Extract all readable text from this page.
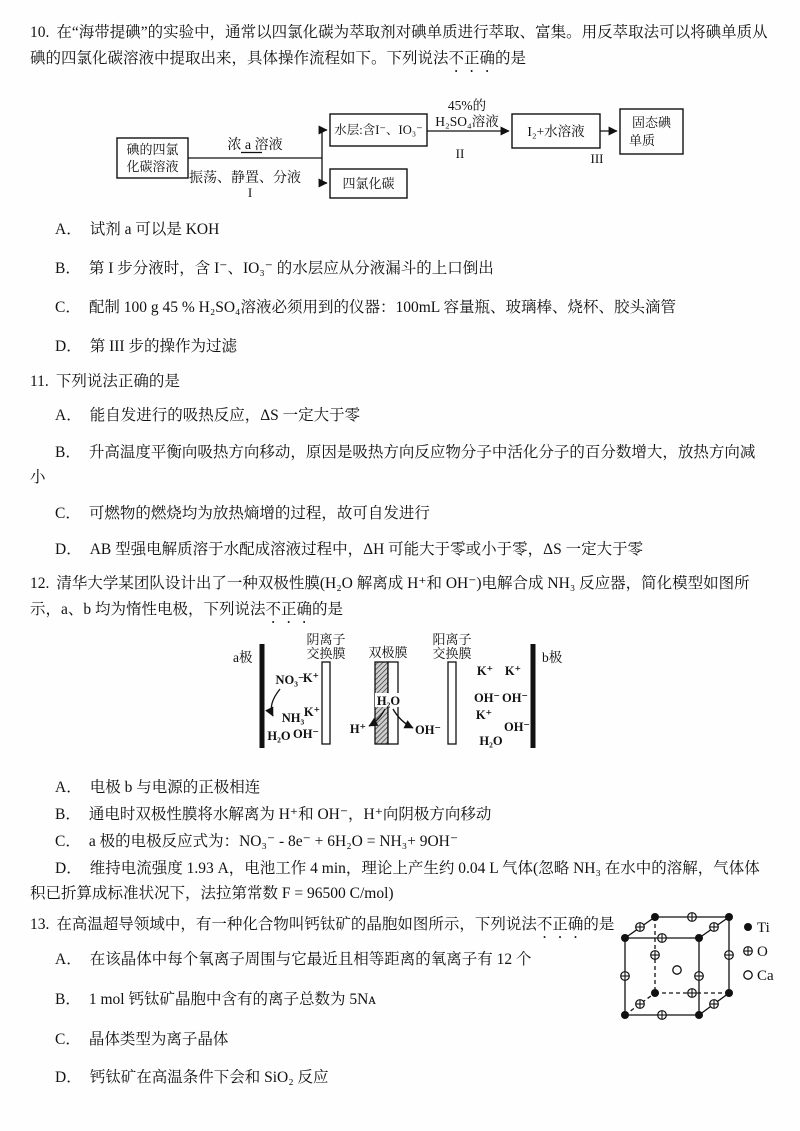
10. 在“海带提碘”的实验中，通常以四氯化碳为萃取剂对碘单质进行萃取、富集。用反萃取法可以将碘单质从碘的四氯化碳溶液中提取出来，具体操作流程如下。下列说法不正确的是

碘的四氯
化碳溶液
浓 a 溶液
振荡、静置、分液
I
水层:含I⁻、IO₃⁻
四氯化碳
45%的
H₂SO₄溶液
II
I₂+水溶液
III
固态碘
单质

A． 试剂 a 可以是 KOH

B． 第 I 步分液时，含 I⁻、IO₃⁻ 的水层应从分液漏斗的上口倒出

C． 配制 100 g 45 % H₂SO₄溶液必须用到的仪器：100mL 容量瓶、玻璃棒、烧杯、胶头滴管

D． 第 III 步的操作为过滤

11. 下列说法正确的是

A． 能自发进行的吸热反应，ΔS 一定大于零

B． 升高温度平衡向吸热方向移动，原因是吸热方向反应物分子中活化分子的百分数增大，放热方向减小

C． 可燃物的燃烧均为放热熵增的过程，故可自发进行

D． AB 型强电解质溶于水配成溶液过程中，ΔH 可能大于零或小于零，ΔS 一定大于零

12. 清华大学某团队设计出了一种双极性膜(H₂O 解离成 H⁺和 OH⁻)电解合成 NH₃ 反应器，简化模型如图所示，a、b 均为惰性电极，下列说法不正确的是

a极	b极
NO₃⁻
K⁺
NH₃ K⁺
H₂O OH⁻
阴离子
交换膜 双极膜
H₂O
H⁺	OH⁻
阳离子
交换膜
K⁺ K⁺
OH⁻ OH⁻
K⁺
OH⁻
H₂O

A． 电极 b 与电源的正极相连

B． 通电时双极性膜将水解离为 H⁺和 OH⁻，H⁺向阴极方向移动

C． a 极的电极反应式为：NO₃⁻ - 8e⁻ + 6H₂O = NH₃+ 9OH⁻

D． 维持电流强度 1.93 A，电池工作 4 min，理论上产生约 0.04 L 气体(忽略 NH₃ 在水中的溶解，气体体积已折算成标准状况下，法拉第常数 F = 96500 C/mol)

13. 在高温超导领域中，有一种化合物叫钙钛矿的晶胞如图所示，下列说法不正确的是	Ti
O
Ca

A． 在该晶体中每个氧离子周围与它最近且相等距离的氧离子有 12 个

B． 1 mol 钙钛矿晶胞中含有的离子总数为 5Nᴀ

C． 晶体类型为离子晶体

D． 钙钛矿在高温条件下会和 SiO₂ 反应
